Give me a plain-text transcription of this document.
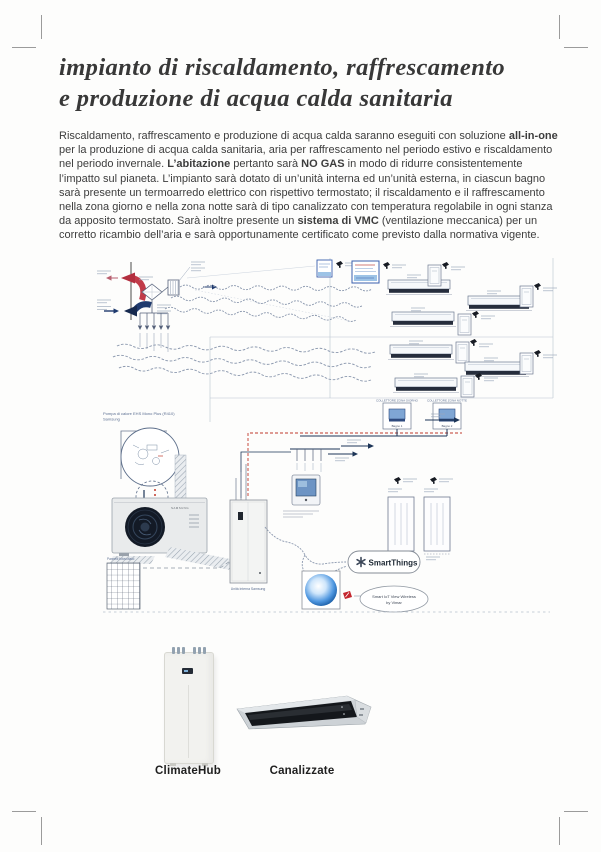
impianto di riscaldamento, raffrescamento
e produzione di acqua calda sanitaria

Riscaldamento, raffrescamento e produzione di acqua calda saranno eseguiti con soluzione all-in-one per la produzione di acqua calda sanitaria, aria per raffrescamento nel periodo estivo e riscaldamento nel periodo invernale. L’abitazione pertanto sarà NO GAS in modo di ridurre consistentemente l’impatto sul pianeta. L’impianto sarà dotato di un’unità interna ed un’unità esterna, in ciascun bagno sarà presente un termoarredo elettrico con rispettivo termostato; il riscaldamento e il raffrescamento nella zona giorno e nella zona notte sarà di tipo canalizzato con temperatura regolabile in ogni stanza da apposito termostato. Sarà inoltre presente un sistema di VMC (ventilazione meccanica) per un corretto ricambio dell’aria e sarà opportunamente certificato come previsto dalla normativa vigente.

COLLETTORE ZONA GIORNO	COLLETTORE ZONA NOTTE
Bagno 1	Bagno 2
Pompa di calore EHS Mono Plus (R410)
Samsung
SAMSUNG
Pannelli fotovoltaici
Unità interna Samsung
SmartThings
Smart IoT View Wireless
by Vimar
ClimateHub	Canalizzate
